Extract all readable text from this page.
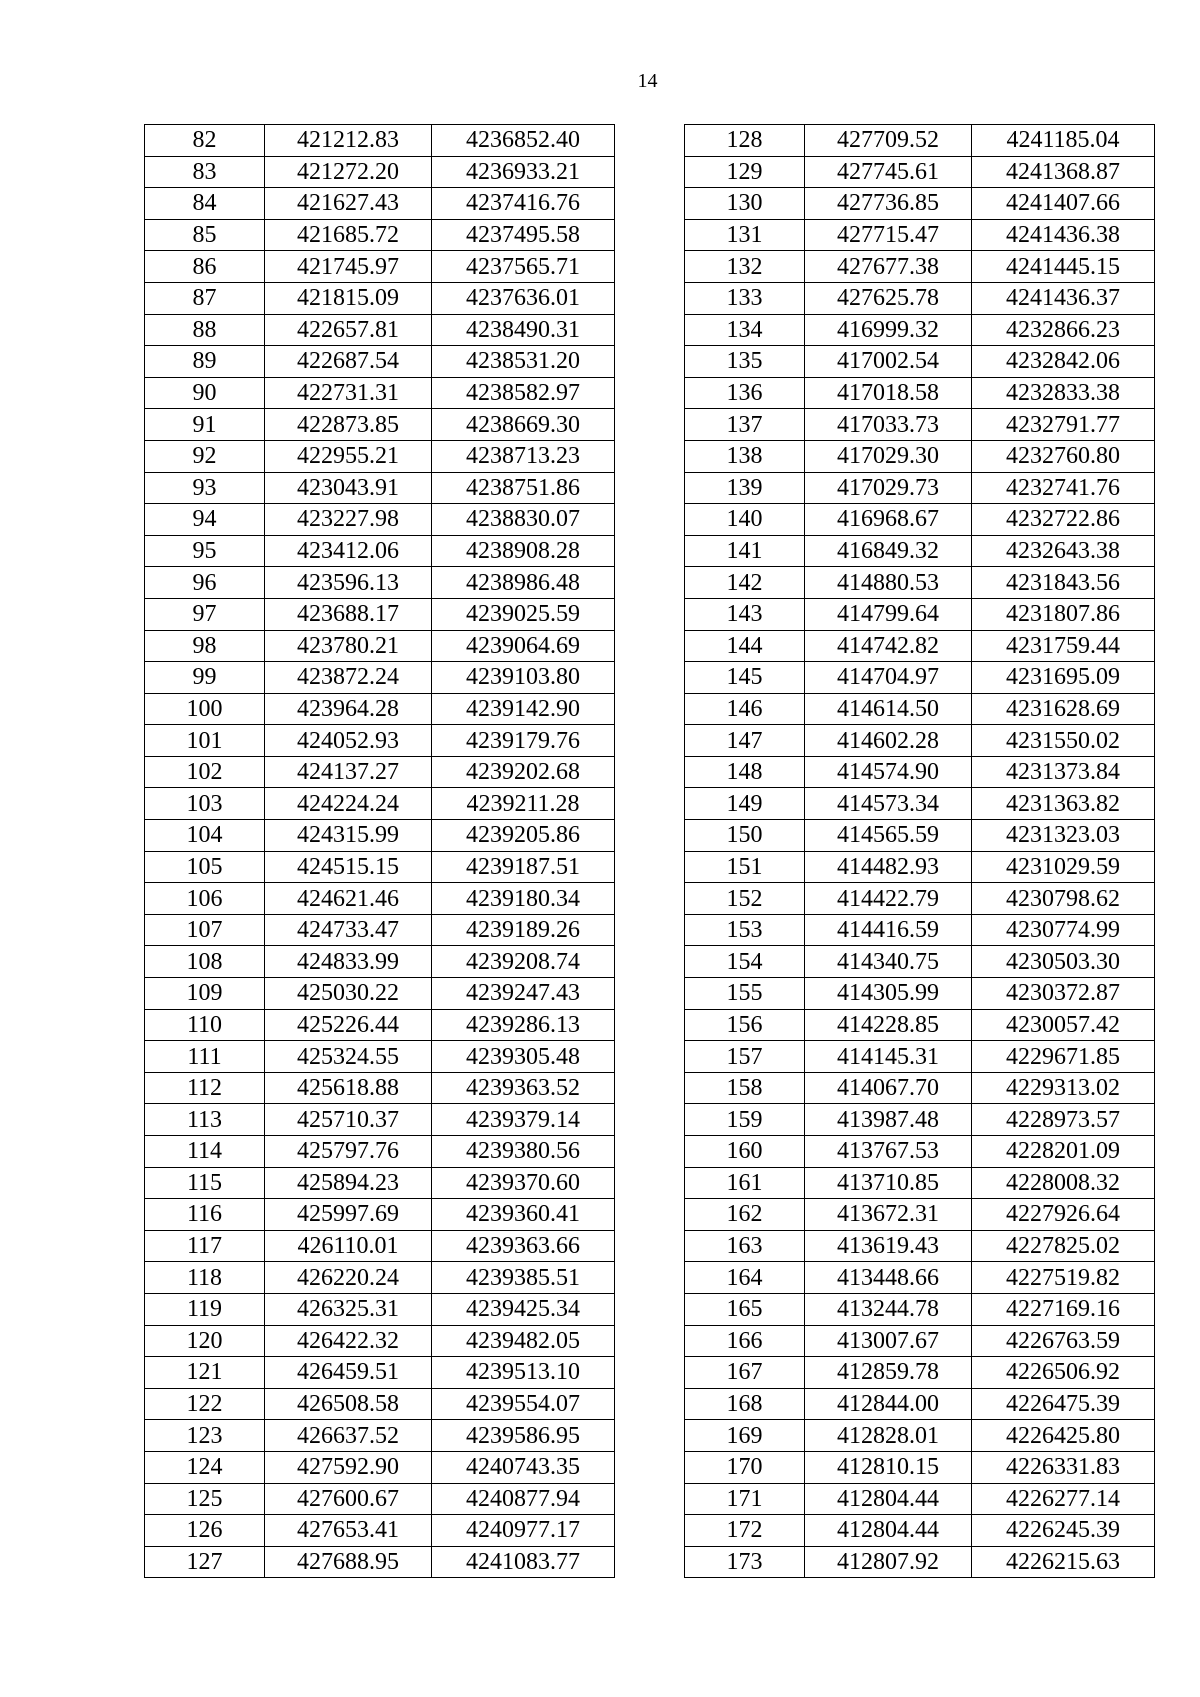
14
82	421212.83	4236852.40
83	421272.20	4236933.21
84	421627.43	4237416.76
85	421685.72	4237495.58
86	421745.97	4237565.71
87	421815.09	4237636.01
88	422657.81	4238490.31
89	422687.54	4238531.20
90	422731.31	4238582.97
91	422873.85	4238669.30
92	422955.21	4238713.23
93	423043.91	4238751.86
94	423227.98	4238830.07
95	423412.06	4238908.28
96	423596.13	4238986.48
97	423688.17	4239025.59
98	423780.21	4239064.69
99	423872.24	4239103.80
100	423964.28	4239142.90
101	424052.93	4239179.76
102	424137.27	4239202.68
103	424224.24	4239211.28
104	424315.99	4239205.86
105	424515.15	4239187.51
106	424621.46	4239180.34
107	424733.47	4239189.26
108	424833.99	4239208.74
109	425030.22	4239247.43
110	425226.44	4239286.13
111	425324.55	4239305.48
112	425618.88	4239363.52
113	425710.37	4239379.14
114	425797.76	4239380.56
115	425894.23	4239370.60
116	425997.69	4239360.41
117	426110.01	4239363.66
118	426220.24	4239385.51
119	426325.31	4239425.34
120	426422.32	4239482.05
121	426459.51	4239513.10
122	426508.58	4239554.07
123	426637.52	4239586.95
124	427592.90	4240743.35
125	427600.67	4240877.94
126	427653.41	4240977.17
127	427688.95	4241083.77
128	427709.52	4241185.04
129	427745.61	4241368.87
130	427736.85	4241407.66
131	427715.47	4241436.38
132	427677.38	4241445.15
133	427625.78	4241436.37
134	416999.32	4232866.23
135	417002.54	4232842.06
136	417018.58	4232833.38
137	417033.73	4232791.77
138	417029.30	4232760.80
139	417029.73	4232741.76
140	416968.67	4232722.86
141	416849.32	4232643.38
142	414880.53	4231843.56
143	414799.64	4231807.86
144	414742.82	4231759.44
145	414704.97	4231695.09
146	414614.50	4231628.69
147	414602.28	4231550.02
148	414574.90	4231373.84
149	414573.34	4231363.82
150	414565.59	4231323.03
151	414482.93	4231029.59
152	414422.79	4230798.62
153	414416.59	4230774.99
154	414340.75	4230503.30
155	414305.99	4230372.87
156	414228.85	4230057.42
157	414145.31	4229671.85
158	414067.70	4229313.02
159	413987.48	4228973.57
160	413767.53	4228201.09
161	413710.85	4228008.32
162	413672.31	4227926.64
163	413619.43	4227825.02
164	413448.66	4227519.82
165	413244.78	4227169.16
166	413007.67	4226763.59
167	412859.78	4226506.92
168	412844.00	4226475.39
169	412828.01	4226425.80
170	412810.15	4226331.83
171	412804.44	4226277.14
172	412804.44	4226245.39
173	412807.92	4226215.63
